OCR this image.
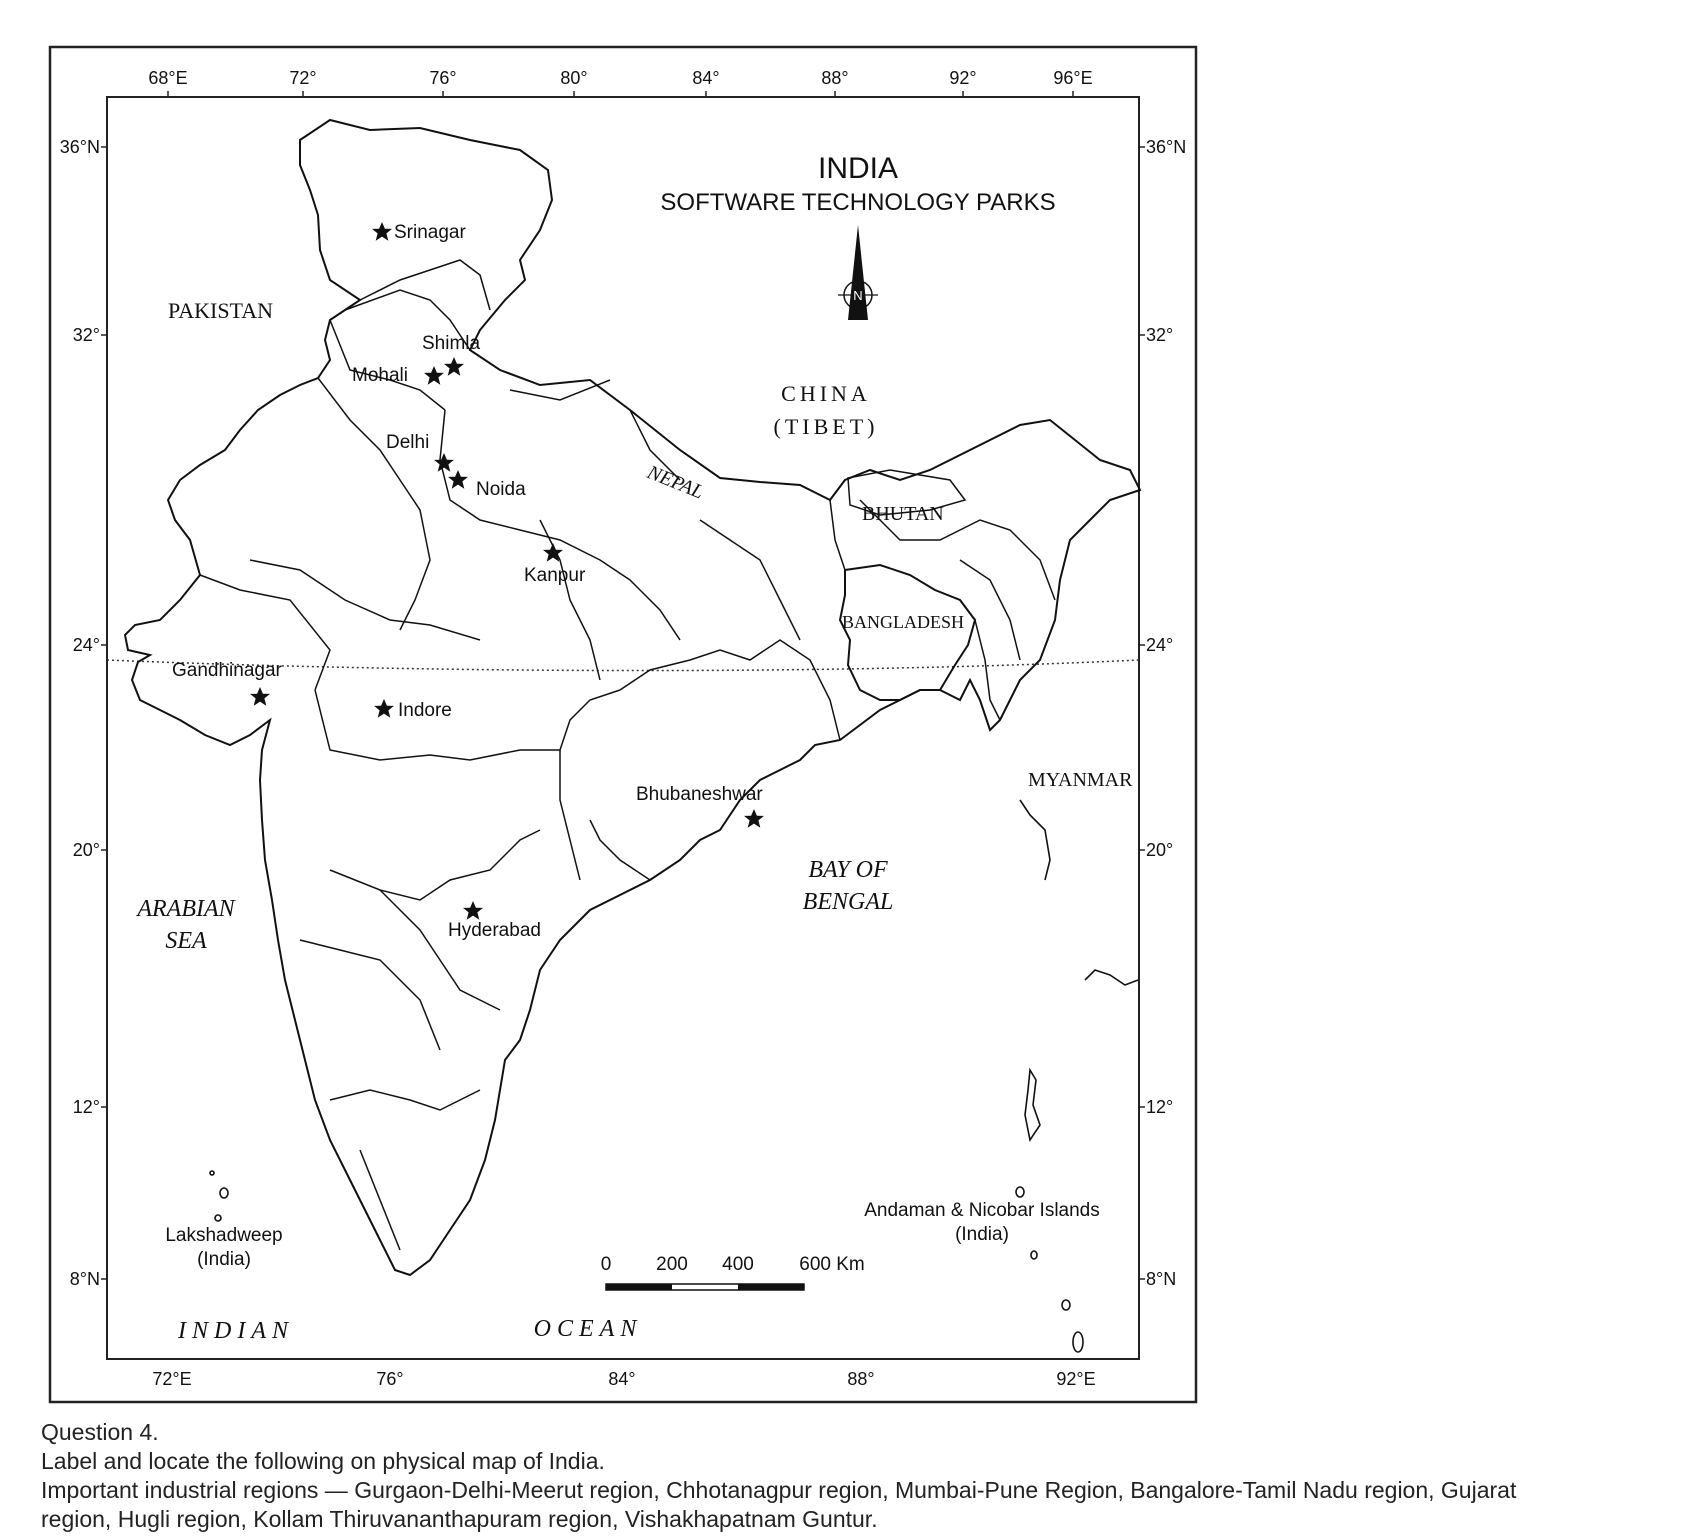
68°E	72°	76°	80°	84°	88°	92°	96°E
72°E	76°	84°	88°	92°E
36°N
32°
24°
20°
12°
8°N
36°N
32°
24°
20°
12°
8°N
N
INDIA
SOFTWARE TECHNOLOGY PARKS
Srinagar
Shimla
Mohali
Delhi
Noida
Kanpur
Gandhinagar
Indore
Bhubaneshwar
Hyderabad
PAKISTAN
CHINA
(TIBET)
NEPAL
BHUTAN
BANGLADESH
MYANMAR
ARABIAN
SEA
BAY OF
BENGAL
INDIAN	OCEAN
Lakshadweep
(India)
Andaman & Nicobar Islands
(India)
0 200 400 600 Km
Question 4.
Label and locate the following on physical map of India.
Important industrial regions — Gurgaon-Delhi-Meerut region, Chhotanagpur region, Mumbai-Pune Region, Bangalore-Tamil Nadu region, Gujarat
region, Hugli region, Kollam Thiruvananthapuram region, Vishakhapatnam Guntur.
